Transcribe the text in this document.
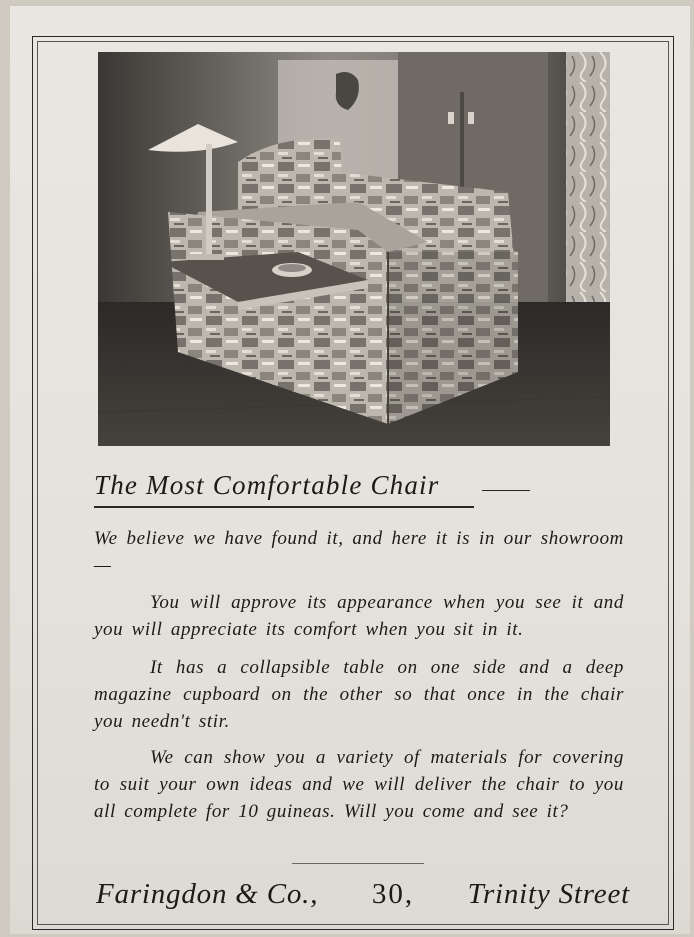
The Most Comfortable Chair
We believe we have found it, and here it is in our showroom—
You will approve its appearance when you see it and you will appreciate its comfort when you sit in it.
It has a collapsible table on one side and a deep magazine cupboard on the other so that once in the chair you needn't stir.
We can show you a variety of materials for covering to suit your own ideas and we will deliver the chair to you all complete for 10 guineas. Will you come and see it?
Faringdon & Co., 30, Trinity Street
